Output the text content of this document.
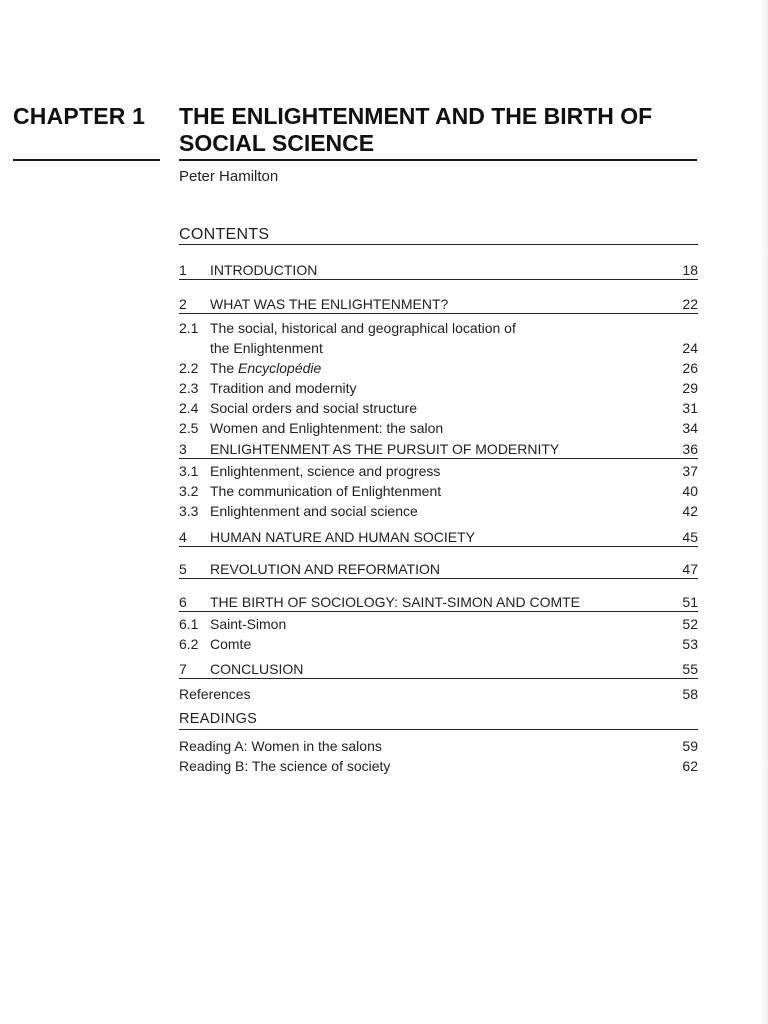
CHAPTER 1 THE ENLIGHTENMENT AND THE BIRTH OF SOCIAL SCIENCE
Peter Hamilton
CONTENTS
1	INTRODUCTION	18
2	WHAT WAS THE ENLIGHTENMENT?	22
2.1 The social, historical and geographical location of the Enlightenment	24
2.2 The Encyclopédie	26
2.3 Tradition and modernity	29
2.4 Social orders and social structure	31
2.5 Women and Enlightenment: the salon	34
3	ENLIGHTENMENT AS THE PURSUIT OF MODERNITY	36
3.1 Enlightenment, science and progress	37
3.2 The communication of Enlightenment	40
3.3 Enlightenment and social science	42
4	HUMAN NATURE AND HUMAN SOCIETY	45
5	REVOLUTION AND REFORMATION	47
6	THE BIRTH OF SOCIOLOGY: SAINT-SIMON AND COMTE	51
6.1 Saint-Simon	52
6.2 Comte	53
7	CONCLUSION	55
References	58
READINGS
Reading A: Women in the salons	59
Reading B: The science of society	62
